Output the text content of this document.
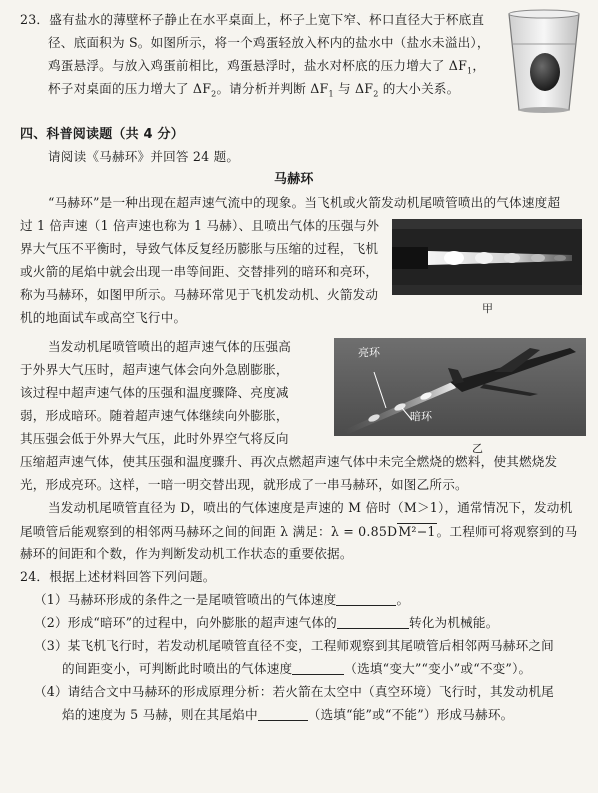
23．盛有盐水的薄壁杯子静止在水平桌面上，杯子上宽下窄、杯口直径大于杯底直
径、底面积为 S。如图所示，将一个鸡蛋轻放入杯内的盐水中（盐水未溢出），
鸡蛋悬浮。与放入鸡蛋前相比，鸡蛋悬浮时，盐水对杯底的压力增大了 $\Delta F_1$，
杯子对桌面的压力增大了 $\Delta F_2$。请分析并判断 $\Delta F_1$ 与 $\Delta F_2$ 的大小关系。
四、科普阅读题（共 4 分）
请阅读《马赫环》并回答 24 题。
马赫环
“马赫环”是一种出现在超声速气流中的现象。当飞机或火箭发动机尾喷管喷出的气体速度超
过 1 倍声速（1 倍声速也称为 1 马赫）、且喷出气体的压强与外
界大气压不平衡时，导致气体反复经历膨胀与压缩的过程，飞机
或火箭的尾焰中就会出现一串等间距、交替排列的暗环和亮环，
称为马赫环，如图甲所示。马赫环常见于飞机发动机、火箭发动
机的地面试车或高空飞行中。
甲
当发动机尾喷管喷出的超声速气体的压强高
于外界大气压时，超声速气体会向外急剧膨胀，
该过程中超声速气体的压强和温度骤降、亮度减
弱，形成暗环。随着超声速气体继续向外膨胀，
其压强会低于外界大气压，此时外界空气将反向
压缩超声速气体，使其压强和温度骤升、再次点燃超声速气体中未完全燃烧的燃料，使其燃烧发
光，形成亮环。这样，一暗一明交替出现，就形成了一串马赫环，如图乙所示。
亮环
暗环
乙
当发动机尾喷管直径为 D，喷出的气体速度是声速的 M 倍时（M＞1），通常情况下，发动机
尾喷管后能观察到的相邻两马赫环之间的间距 λ 满足：λ = 0.85DM²−1。工程师可将观察到的马
赫环的间距和个数，作为判断发动机工作状态的重要依据。
24．根据上述材料回答下列问题。
（1）马赫环形成的条件之一是尾喷管喷出的气体速度	。
（2）形成“暗环”的过程中，向外膨胀的超声速气体的	转化为机械能。
（3）某飞机飞行时，若发动机尾喷管直径不变，工程师观察到其尾喷管后相邻两马赫环之间
的间距变小，可判断此时喷出的气体速度	（选填“变大”“变小”或“不变”）。
（4）请结合文中马赫环的形成原理分析：若火箭在太空中（真空环境）飞行时，其发动机尾
焰的速度为 5 马赫，则在其尾焰中	（选填“能”或“不能”）形成马赫环。
